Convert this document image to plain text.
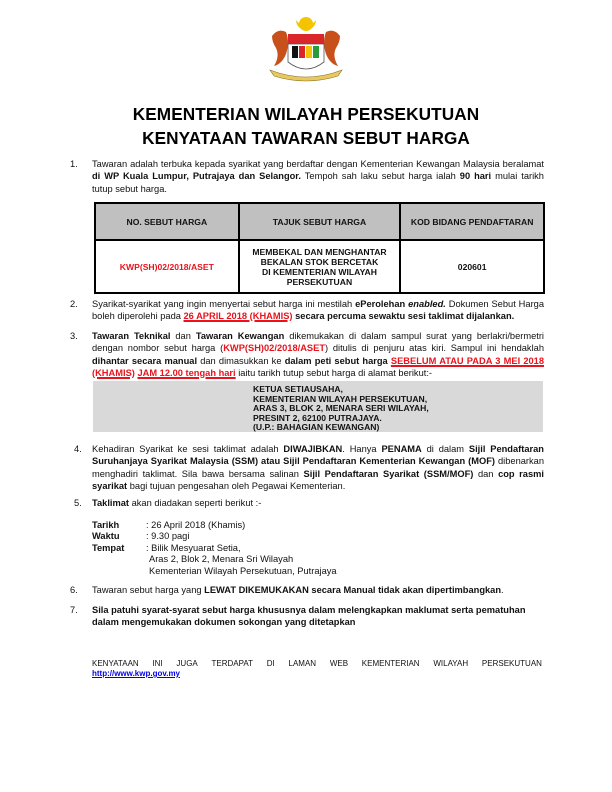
KEMENTERIAN WILAYAH PERSEKUTUAN
KENYATAAN TAWARAN SEBUT HARGA
1.	Tawaran adalah terbuka kepada syarikat yang berdaftar dengan Kementerian Kewangan Malaysia beralamat di WP Kuala Lumpur, Putrajaya dan Selangor. Tempoh sah laku sebut harga ialah 90 hari mulai tarikh tutup sebut harga.
NO. SEBUT HARGA	TAJUK SEBUT HARGA	KOD BIDANG PENDAFTARAN
KWP(SH)02/2018/ASET	MEMBEKAL DAN MENGHANTAR
BEKALAN STOK BERCETAK
DI KEMENTERIAN WILAYAH
PERSEKUTUAN	020601
2.	Syarikat-syarikat yang ingin menyertai sebut harga ini mestilah ePerolehan enabled. Dokumen Sebut Harga boleh diperolehi pada 26 APRIL 2018 (KHAMIS) secara percuma sewaktu sesi taklimat dijalankan.
3.	Tawaran Teknikal dan Tawaran Kewangan dikemukakan di dalam sampul surat yang berlakri/bermetri dengan nombor sebut harga (KWP(SH)02/2018/ASET) ditulis di penjuru atas kiri. Sampul ini hendaklah dihantar secara manual dan dimasukkan ke dalam peti sebut harga SEBELUM ATAU PADA 3 MEI 2018 (KHAMIS) JAM 12.00 tengah hari iaitu tarikh tutup sebut harga di alamat berikut:-
KETUA SETIAUSAHA,
KEMENTERIAN WILAYAH PERSEKUTUAN,
ARAS 3, BLOK 2, MENARA SERI WILAYAH,
PRESINT 2, 62100 PUTRAJAYA.
(U.P.: BAHAGIAN KEWANGAN)
4.	Kehadiran Syarikat ke sesi taklimat adalah DIWAJIBKAN. Hanya PENAMA di dalam Sijil Pendaftaran Suruhanjaya Syarikat Malaysia (SSM) atau Sijil Pendaftaran Kementerian Kewangan (MOF) dibenarkan menghadiri taklimat. Sila bawa bersama salinan Sijil Pendaftaran Syarikat (SSM/MOF) dan cop rasmi syarikat bagi tujuan pengesahan oleh Pegawai Kementerian.
5.	Taklimat akan diadakan seperti berikut :-
Tarikh	: 26 April 2018 (Khamis)
Waktu	: 9.30 pagi
Tempat : Bilik Mesyuarat Setia,
Aras 2, Blok 2, Menara Sri Wilayah
Kementerian Wilayah Persekutuan, Putrajaya
6.	Tawaran sebut harga yang LEWAT DIKEMUKAKAN secara Manual tidak akan dipertimbangkan.
7.	Sila patuhi syarat-syarat sebut harga khususnya dalam melengkapkan maklumat serta pematuhan dalam mengemukakan dokumen sokongan yang ditetapkan
KENYATAAN INI JUGA TERDAPAT DI LAMAN WEB KEMENTERIAN WILAYAH PERSEKUTUAN
http://www.kwp.gov.my
